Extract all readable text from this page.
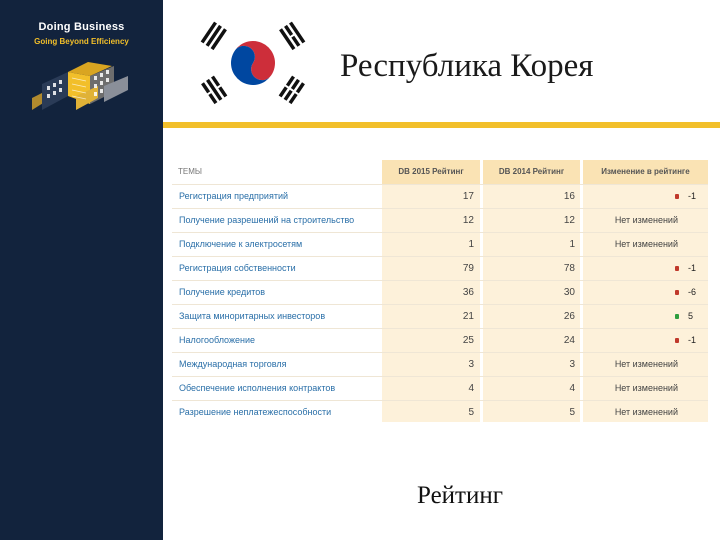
Doing Business
Going Beyond Efficiency
Республика Корея
ТЕМЫ	DB 2015 Рейтинг	DB 2014 Рейтинг	Изменение в рейтинге
Регистрация предприятий	17	16	-1
Получение разрешений на строительство	12	12	Нет изменений
Подключение к электросетям	1	1	Нет изменений
Регистрация собственности	79	78	-1
Получение кредитов	36	30	-6
Защита миноритарных инвесторов	21	26	5
Налогообложение	25	24	-1
Международная торговля	3	3	Нет изменений
Обеспечение исполнения контрактов	4	4	Нет изменений
Разрешение неплатежеспособности	5	5	Нет изменений
Рейтинг
